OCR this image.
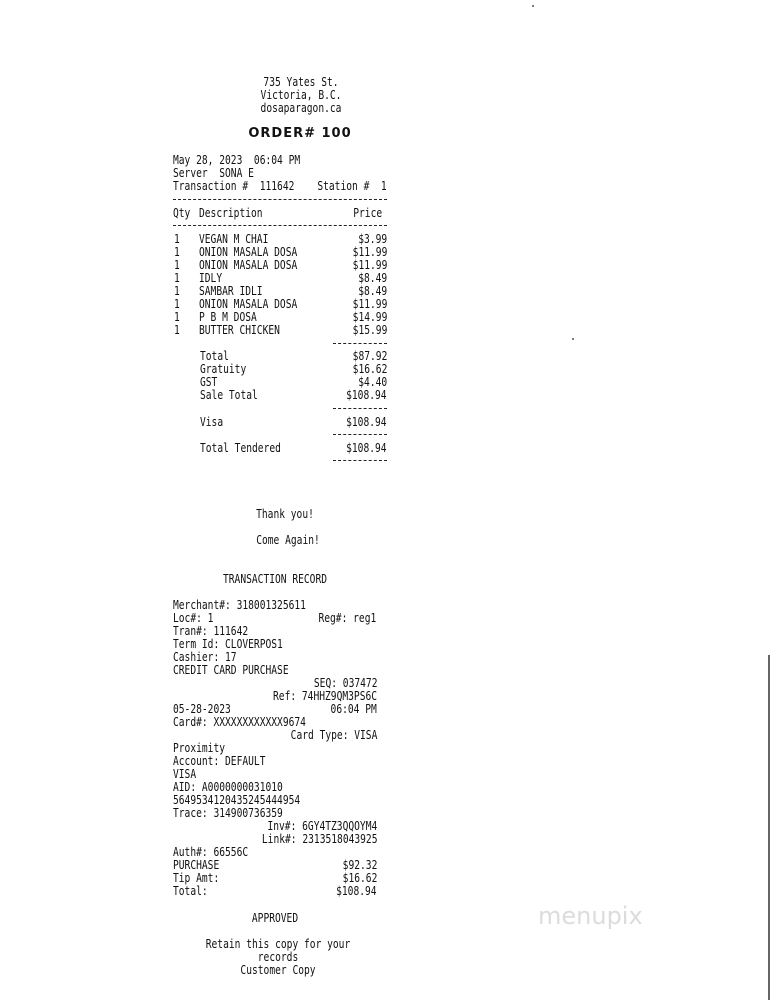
735 Yates St.
Victoria, B.C.
dosaparagon.ca
ORDER# 100
May 28, 2023  06:04 PM
Server  SONA E
Transaction #  111642 Station #  1
Qty Description	Price
1 VEGAN M CHAI	$3.99
1 ONION MASALA DOSA	$11.99
1 ONION MASALA DOSA	$11.99
1 IDLY	$8.49
1 SAMBAR IDLI	$8.49
1 ONION MASALA DOSA	$11.99
1 P B M DOSA	$14.99
1 BUTTER CHICKEN	$15.99
Total	$87.92
Gratuity	$16.62
GST	$4.40
Sale Total	$108.94
Visa	$108.94
Total Tendered	$108.94
Thank you!
Come Again!
TRANSACTION RECORD
Merchant#: 318001325611
Loc#: 1	Reg#: reg1
Tran#: 111642
Term Id: CLOVERPOS1
Cashier: 17
CREDIT CARD PURCHASE
SEQ: 037472
Ref: 74HHZ9QM3PS6C
05-28-2023	06:04 PM
Card#: XXXXXXXXXXXX9674
Card Type: VISA
Proximity
Account: DEFAULT
VISA
AID: A0000000031010
5649534120435245444954
Trace: 314900736359
Inv#: 6GY4TZ3QQOYM4
Link#: 2313518043925
Auth#: 66556C
PURCHASE	$92.32
Tip Amt:	$16.62
Total:	$108.94
APPROVED
Retain this copy for your
records
Customer Copy
menupix
